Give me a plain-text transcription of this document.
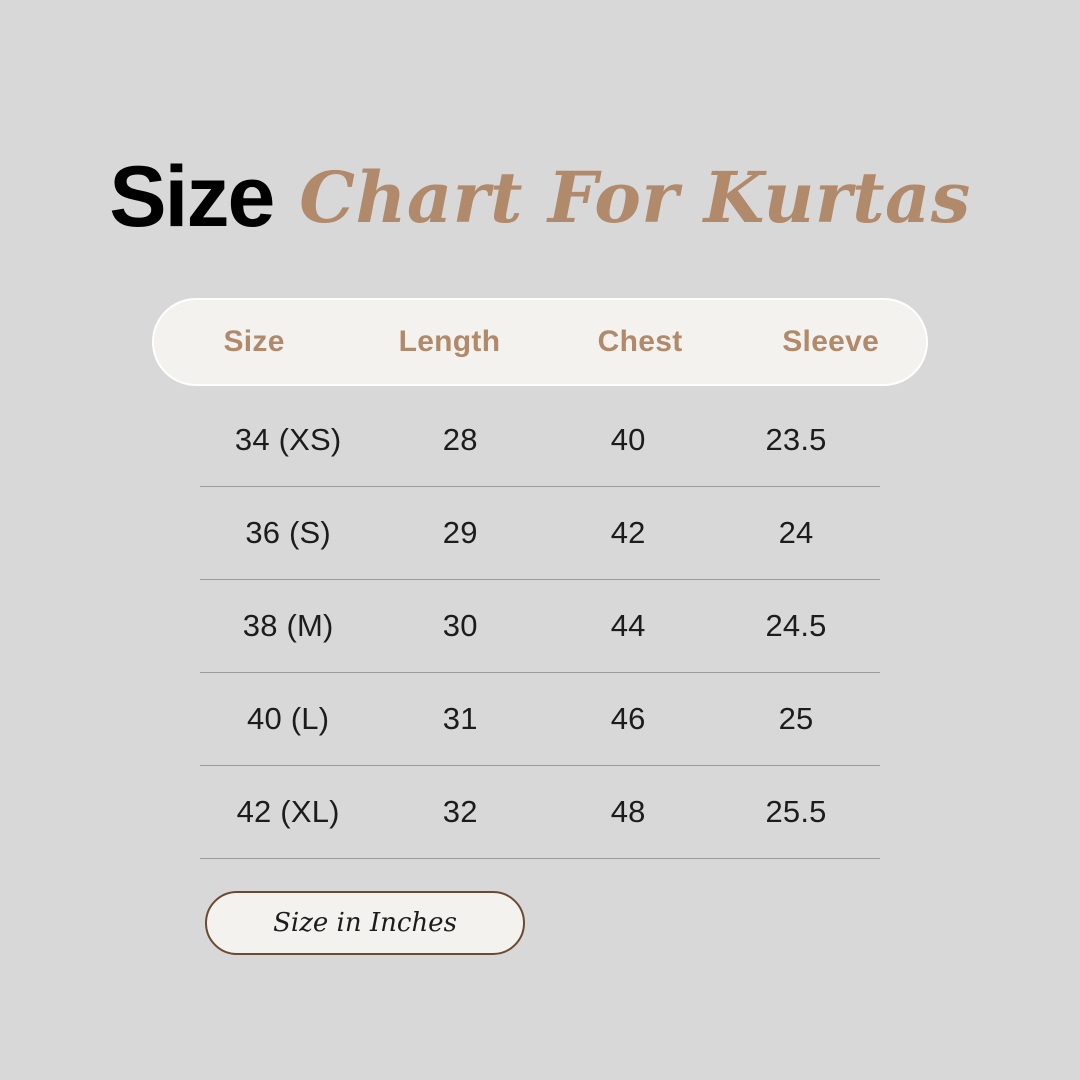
Size Chart For Kurtas
Size	Length	Chest	Sleeve
34 (XS)	28	40	23.5
36 (S)	29	42	24
38 (M)	30	44	24.5
40 (L)	31	46	25
42 (XL)	32	48	25.5
Size in Inches
